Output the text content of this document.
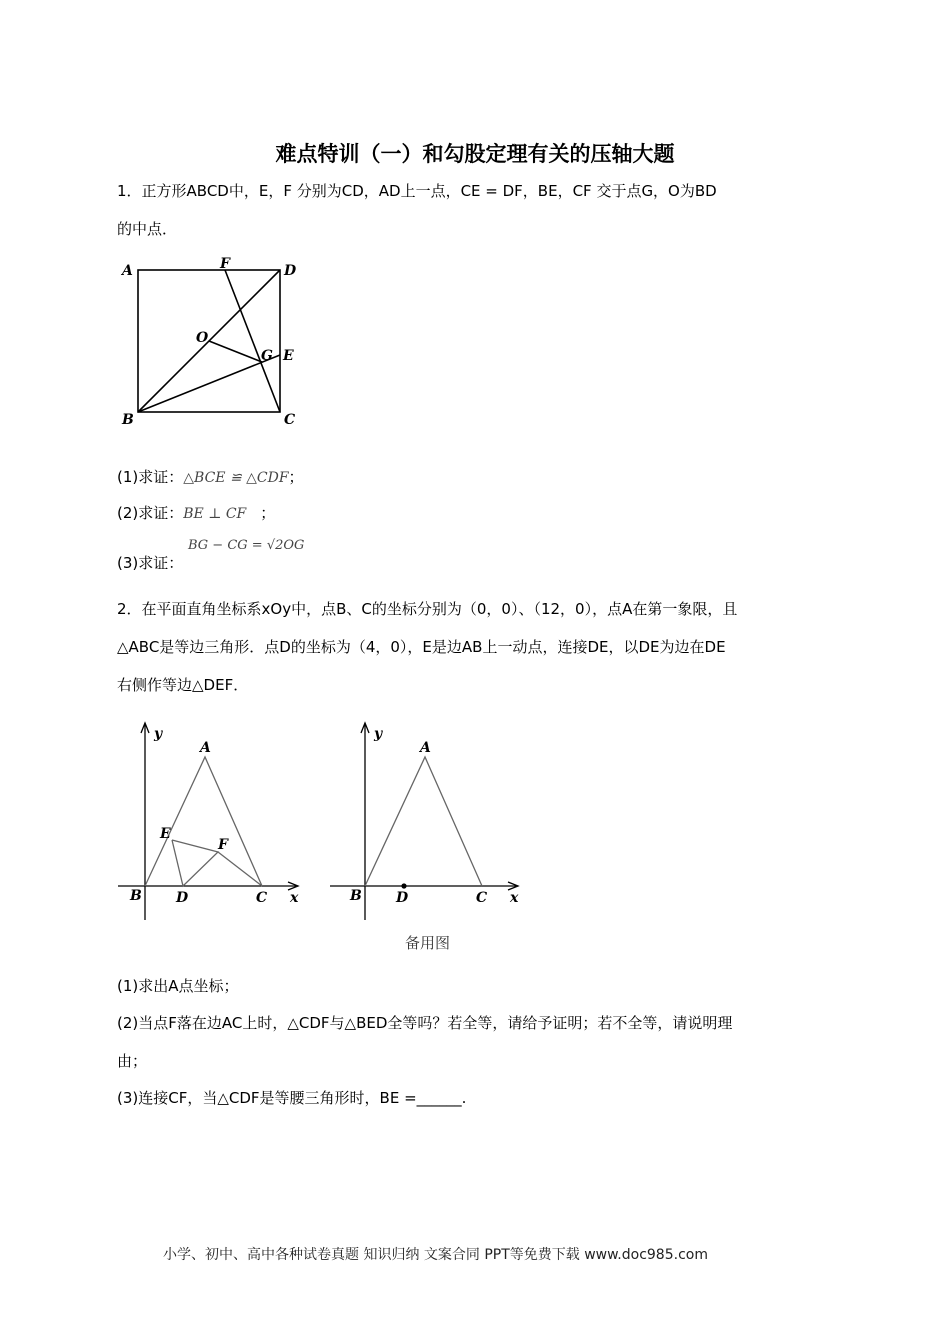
难点特训（一）和勾股定理有关的压轴大题
1．正方形ABCD中，E，F 分别为CD，AD上一点，CE = DF，BE，CF 交于点G，O为BD
的中点．
A	D
B	C
F
E
O
G
(1)求证：△BCE ≌ △CDF；
(2)求证：BE ⊥ CF ；
(3)求证：
BG − CG = √2OG
2．在平面直角坐标系xOy中，点B、C的坐标分别为（0，0）、（12，0），点A在第一象限，且
△ABC是等边三角形．点D的坐标为（4，0），E是边AB上一动点，连接DE，以DE为边在DE
右侧作等边△DEF．
y
x
A
B	C
D
E
F
y
x
A
B	C
D
备用图
(1)求出A点坐标；
(2)当点F落在边AC上时，△CDF与△BED全等吗？若全等，请给予证明；若不全等，请说明理
由；
(3)连接CF，当△CDF是等腰三角形时，BE =______.
小学、初中、高中各种试卷真题 知识归纳 文案合同 PPT等免费下载 www.doc985.com
